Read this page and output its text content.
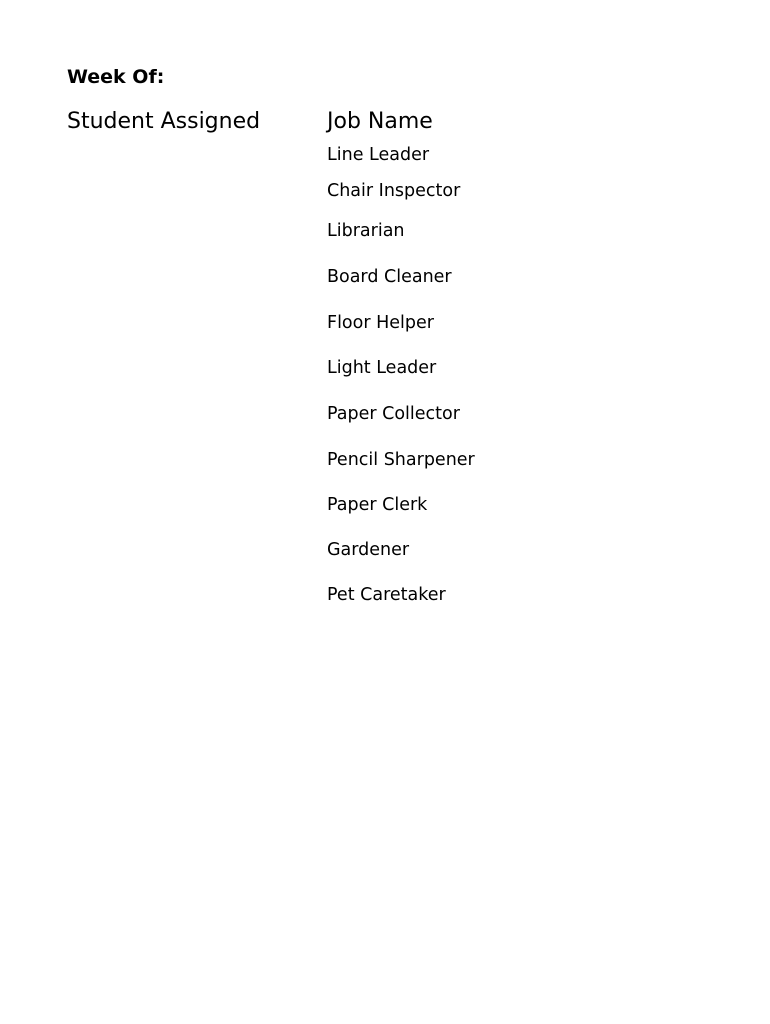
Week Of:

Student Assigned	Job Name

Line Leader

Chair Inspector

Librarian

Board Cleaner

Floor Helper

Light Leader

Paper Collector

Pencil Sharpener

Paper Clerk

Gardener

Pet Caretaker
